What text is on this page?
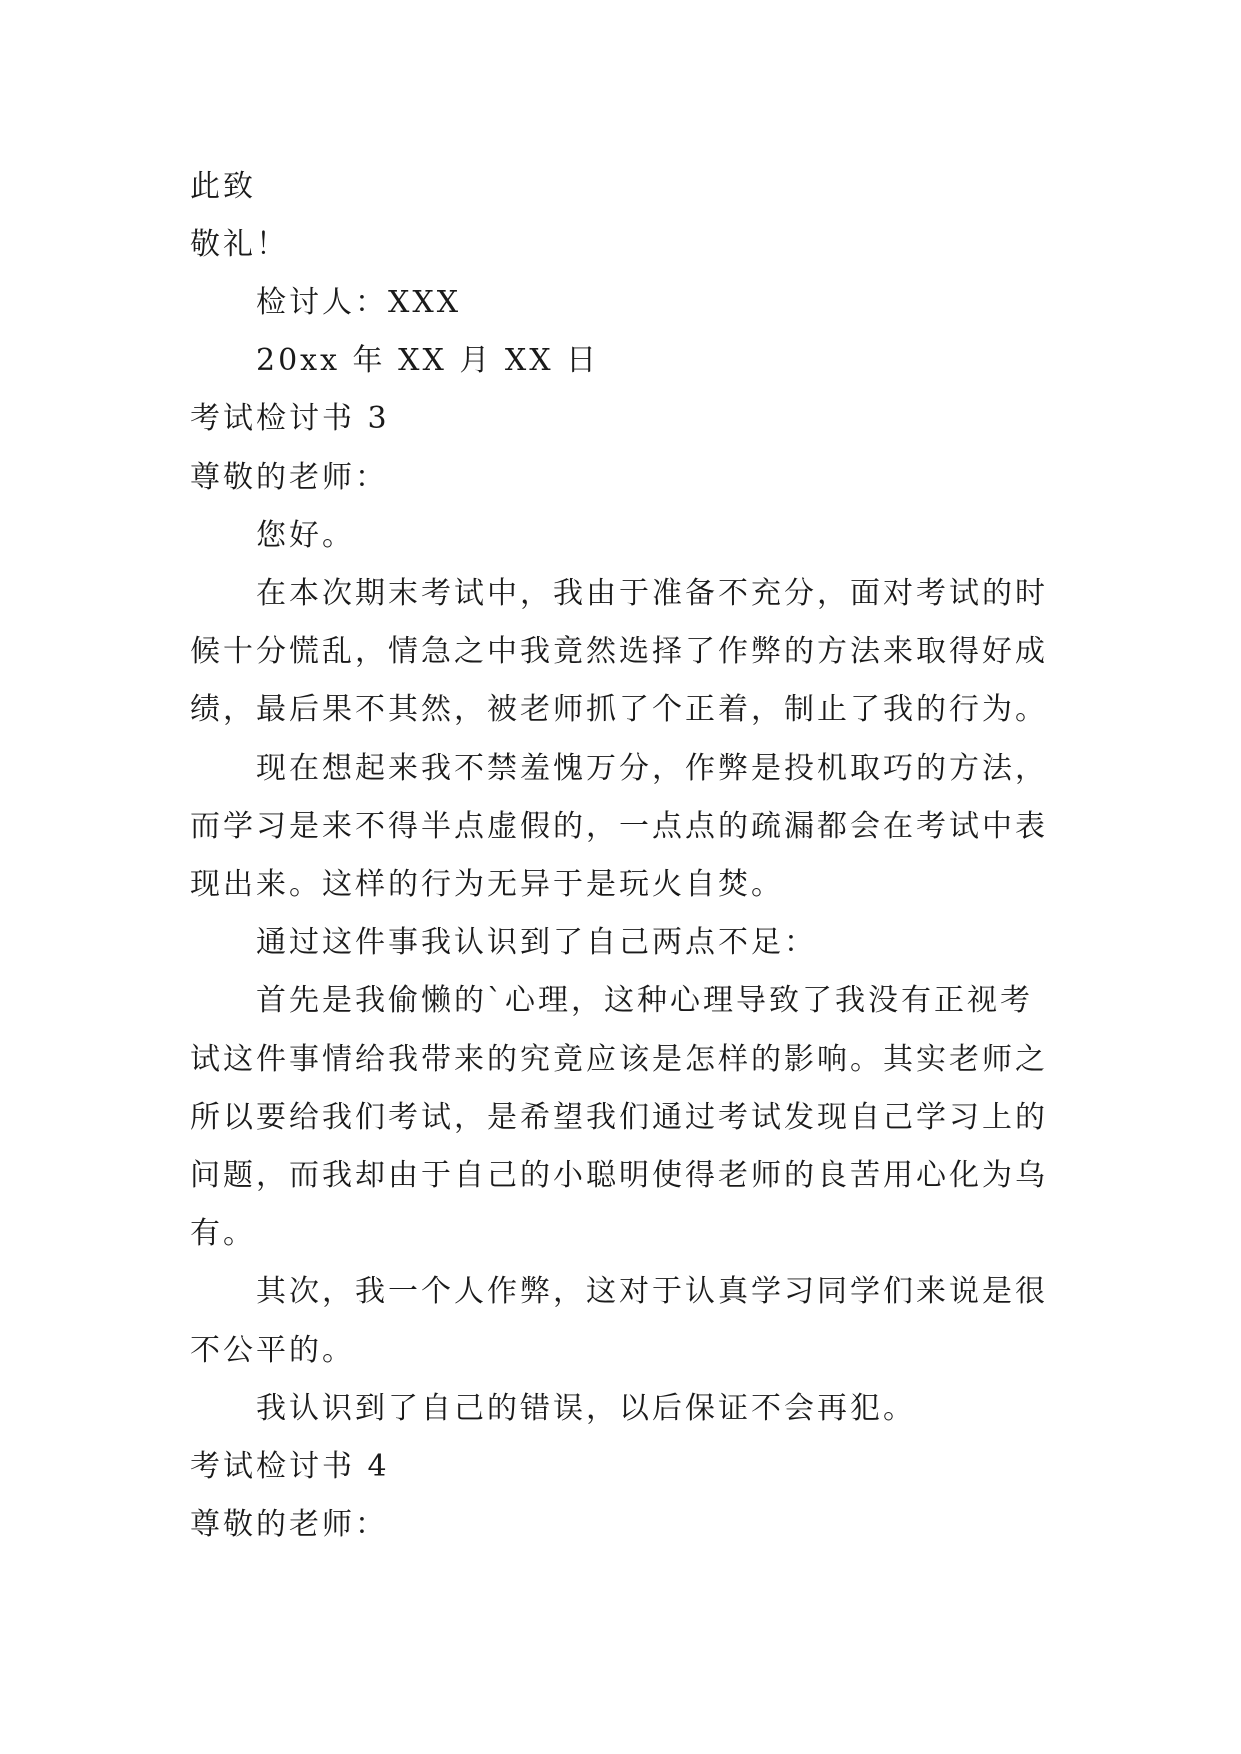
此致
敬礼！
检讨人：XXX
20xx 年 XX 月 XX 日
考试检讨书 3
尊敬的老师：
您好。
在本次期末考试中，我由于准备不充分，面对考试的时
候十分慌乱，情急之中我竟然选择了作弊的方法来取得好成
绩，最后果不其然，被老师抓了个正着，制止了我的行为。
现在想起来我不禁羞愧万分，作弊是投机取巧的方法，
而学习是来不得半点虚假的，一点点的疏漏都会在考试中表
现出来。这样的行为无异于是玩火自焚。
通过这件事我认识到了自己两点不足：
首先是我偷懒的`心理，这种心理导致了我没有正视考
试这件事情给我带来的究竟应该是怎样的影响。其实老师之
所以要给我们考试，是希望我们通过考试发现自己学习上的
问题，而我却由于自己的小聪明使得老师的良苦用心化为乌
有。
其次，我一个人作弊，这对于认真学习同学们来说是很
不公平的。
我认识到了自己的错误，以后保证不会再犯。
考试检讨书 4
尊敬的老师：
